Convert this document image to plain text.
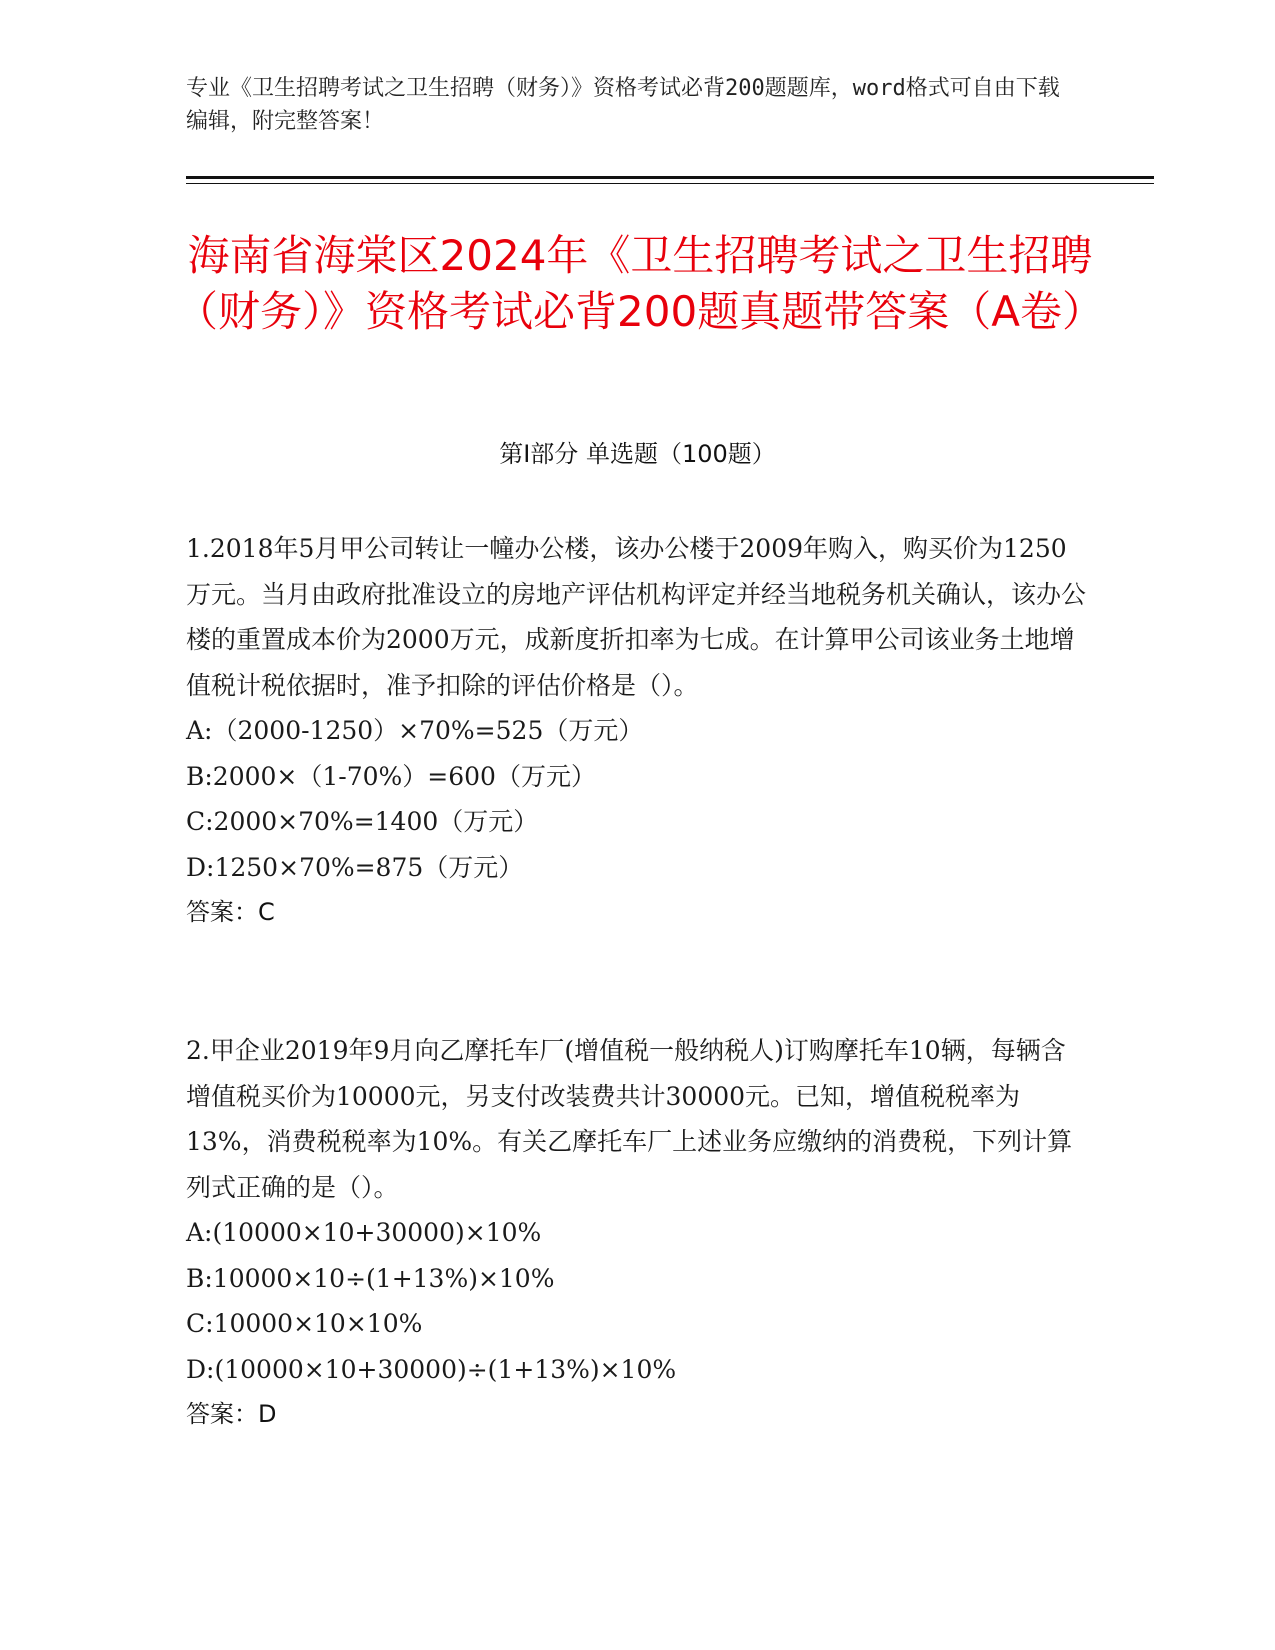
专业《卫生招聘考试之卫生招聘（财务）》资格考试必背200题题库，word格式可自由下载编辑，附完整答案！
海南省海棠区2024年《卫生招聘考试之卫生招聘（财务）》资格考试必背200题真题带答案（A卷）
第Ⅰ部分 单选题（100题）
1.2018年5月甲公司转让一幢办公楼，该办公楼于2009年购入，购买价为1250万元。当月由政府批准设立的房地产评估机构评定并经当地税务机关确认，该办公楼的重置成本价为2000万元，成新度折扣率为七成。在计算甲公司该业务土地增值税计税依据时，准予扣除的评估价格是（）。
A:（2000-1250）×70%=525（万元）
B:2000×（1-70%）=600（万元）
C:2000×70%=1400（万元）
D:1250×70%=875（万元）
答案：C
2.甲企业2019年9月向乙摩托车厂(增值税一般纳税人)订购摩托车10辆，每辆含增值税买价为10000元，另支付改装费共计30000元。已知，增值税税率为13%，消费税税率为10%。有关乙摩托车厂上述业务应缴纳的消费税，下列计算列式正确的是（）。
A:(10000×10+30000)×10%
B:10000×10÷(1+13%)×10%
C:10000×10×10%
D:(10000×10+30000)÷(1+13%)×10%
答案：D
